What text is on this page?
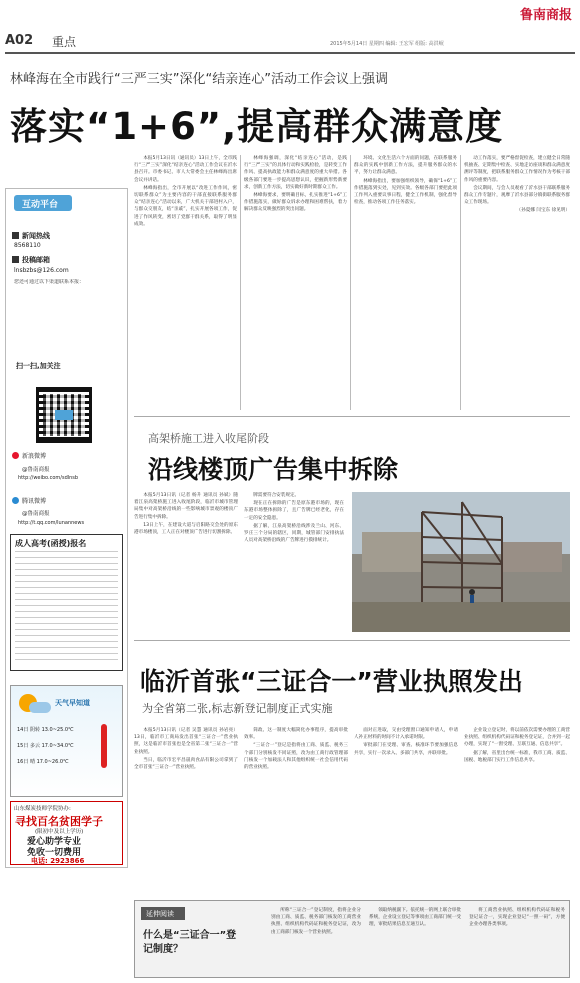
鲁南商报
A02 重点	2015年5月14日 星期四 编辑: 王宏军 组版: 高洪岷
林峰海在全市践行“三严三实”深化“结亲连心”活动工作会议上强调
落实“1+6”,提高群众满意度

本报5月13日讯（通讯员）13日上午，全市践行“三严三实”深化“结亲连心”活动工作会议在沂水县召开。市委书记、市人大常委会主任林峰海出席会议并讲话。

林峰海指出，全市开展以“改进工作作风，密切联系群众”为主要内容的干部直接联系服务群众“结亲连心”活动以来，广大机关干部进村入户，与群众交朋友，结“亲戚”，扎实开展各项工作，促进了作风转变，密切了党群干群关系，取得了明显成效。

林峰海强调，深化“结亲连心”活动，是践行“三严三实”的具体行动和实践检验，是转变工作作风、提高执政能力和群众满意度的重大举措。各级各部门要进一步提高思想认识，把握新形势新要求，创新工作方法，切实做好新时期群众工作。

林峰海要求，要明确目标，扎实推进“1+6”工作措施落实，做好群众诉求办理和困难帮扶，着力解决群众反映强烈的突出问题。

环境、文化生活六个方面的问题，在联系服务群众的实践中创新工作方法，提升服务群众的水平，努力让群众满意。

林峰海指出，要加强组织领导，确保“1+6”工作措施落到实处，见到实效。各级各部门要把此项工作列入重要议事日程，健全工作机制，强化督导检查，推动各项工作任务落实。

动工作落实，要严格督促检查，建立健全日常随机抽查、定期集中检查、实地走访座谈和群众满意度测评等制度，把联系服务群众工作情况作为考核干部作风的重要内容。

会议期间，与会人员观看了沂水县干部联系服务群众工作专题片，观摩了沂水县部分镇街联系服务群众工作现场。

（孙夏娜 闫宝东 徐见明）

互动平台
新闻热线
8568110
投稿邮箱
lnsbzbs@126.com
您还可通过以下渠道联系本报：
扫一扫,加关注
新浪微博
@鲁南商报
http://weibo.com/sdlnsb
腾讯微博
@鲁南商报
http://t.qq.com/lunannews
成人高考(函授)报名
天气早知道
14日 阴转 13.0~25.0℃
15日 多云 17.0~34.0℃
16日 晴 17.0~26.0℃
山东煤炭技师学院协办:
寻找百名贫困学子
(限初中及以上学历)
爱心助学专业
免收一切费用
电话: 2923866
高架桥施工进入收尾阶段
沿线楼顶广告集中拆除

本报5月13日讯（记者 杨升 通讯员 孙斌）随着江泉高架桥施工进入收尾阶段，临沂市城市管理局集中对高架桥沿线的一些影响城市景观的楼顶广告进行集中拆除。

13日上午，在建设大道与启阳路交会处的原东港市场楼顶，工人正在对楼顶广告进行切割拆除。

牌需要符合安装规定。

现在正在拆除的广告是原东港市场的，现在东港市场整体拆除了，且广告牌已经老化，存在一定的安全隐患。

据了解，江泉高架桥沿线涉及兰山、河东、罗庄三个分局的辖区，同期，城管部门安排执法人员对高架桥沿线的广告牌进行摸排统计。

临沂首张“三证合一”营业执照发出
为全省第二张,标志新登记制度正式实施

本报5月13日讯（记者 吴慧 通讯员 孙岩亮）13日，临沂市工商局发出首张“三证合一”营业执照，这是临沂市首张也是全省第二张“三证合一”营业执照。

当日，临沂市宏平昌晟肉食品有限公司拿到了全市首张“三证合一”营业执照。

简政、这一制度大幅简化办事程序，提高审批效率。

“三证合一”登记是指将由工商、质监、税务三个部门分别核发不同证照，改为由工商行政管理部门核发一个加载法人和其他组织统一社会信用代码的营业执照。

面对正进取，交由受理窗口通知申请人，申请人补正材料的时间不计入承诺时限。

审批部门在受理、审查、核准环节要加强信息共享，实行一次录入、多部门共享，并联审批。

企业设立登记时，将以前依次需要办理的工商营业执照、组织机构代码证和税务登记证，合并到一起办理，实现了“一窗受理、互联互通、信息共享”。

据了解，省里出台统一标准，我市工商、质监、国税、地税部门实行工作信息共享。

延伸阅读
什么是“三证合一”登记制度？

所称“三证合一”登记制度，指将企业分别由工商、质监、税务部门核发的工商营业执照、组织机构代码证和税务登记证，改为由工商部门核发一个营业执照。

领取纳税副下。依托统一的网上联合审批系统，企业设立登记等事项由工商部门统一受理，审批结果信息互通互认。

将工商营业执照、组织机构代码证和税务登记证合一，实现企业登记“一照一码”，方便企业办理各类事项。
